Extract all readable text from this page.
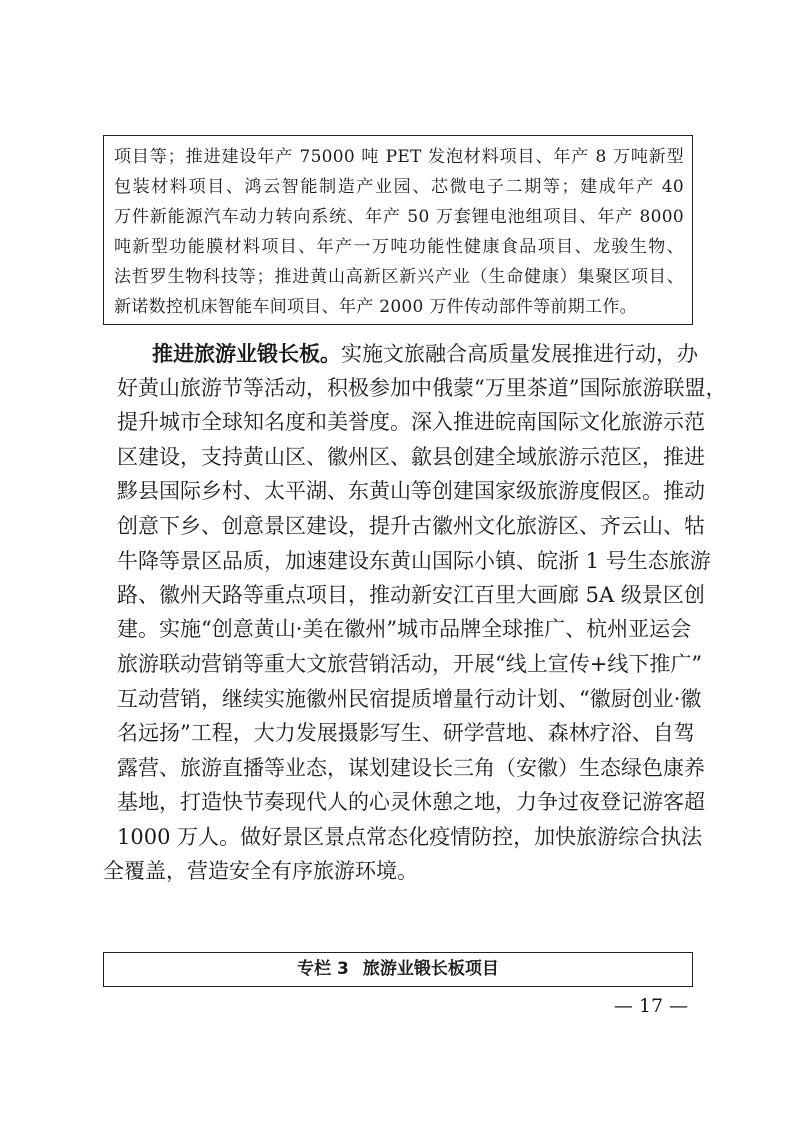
项目等；推进建设年产 75000 吨 PET 发泡材料项目、年产 8 万吨新型
包装材料项目、鸿云智能制造产业园、芯微电子二期等；建成年产 40
万件新能源汽车动力转向系统、年产 50 万套锂电池组项目、年产 8000
吨新型功能膜材料项目、年产一万吨功能性健康食品项目、龙骏生物、
法哲罗生物科技等；推进黄山高新区新兴产业（生命健康）集聚区项目、
新诺数控机床智能车间项目、年产 2000 万件传动部件等前期工作。
推进旅游业锻长板。实施文旅融合高质量发展推进行动，办
好黄山旅游节等活动，积极参加中俄蒙“万里茶道”国际旅游联盟，
提升城市全球知名度和美誉度。深入推进皖南国际文化旅游示范
区建设，支持黄山区、徽州区、歙县创建全域旅游示范区，推进
黟县国际乡村、太平湖、东黄山等创建国家级旅游度假区。推动
创意下乡、创意景区建设，提升古徽州文化旅游区、齐云山、牯
牛降等景区品质，加速建设东黄山国际小镇、皖浙 1 号生态旅游
路、徽州天路等重点项目，推动新安江百里大画廊 5A 级景区创
建。实施“创意黄山·美在徽州”城市品牌全球推广、杭州亚运会
旅游联动营销等重大文旅营销活动，开展“线上宣传+线下推广”
互动营销，继续实施徽州民宿提质增量行动计划、“徽厨创业·徽
名远扬”工程，大力发展摄影写生、研学营地、森林疗浴、自驾
露营、旅游直播等业态，谋划建设长三角（安徽）生态绿色康养
基地，打造快节奏现代人的心灵休憩之地，力争过夜登记游客超
1000 万人。做好景区景点常态化疫情防控，加快旅游综合执法
全覆盖，营造安全有序旅游环境。
专栏 3 旅游业锻长板项目
— 17 —
